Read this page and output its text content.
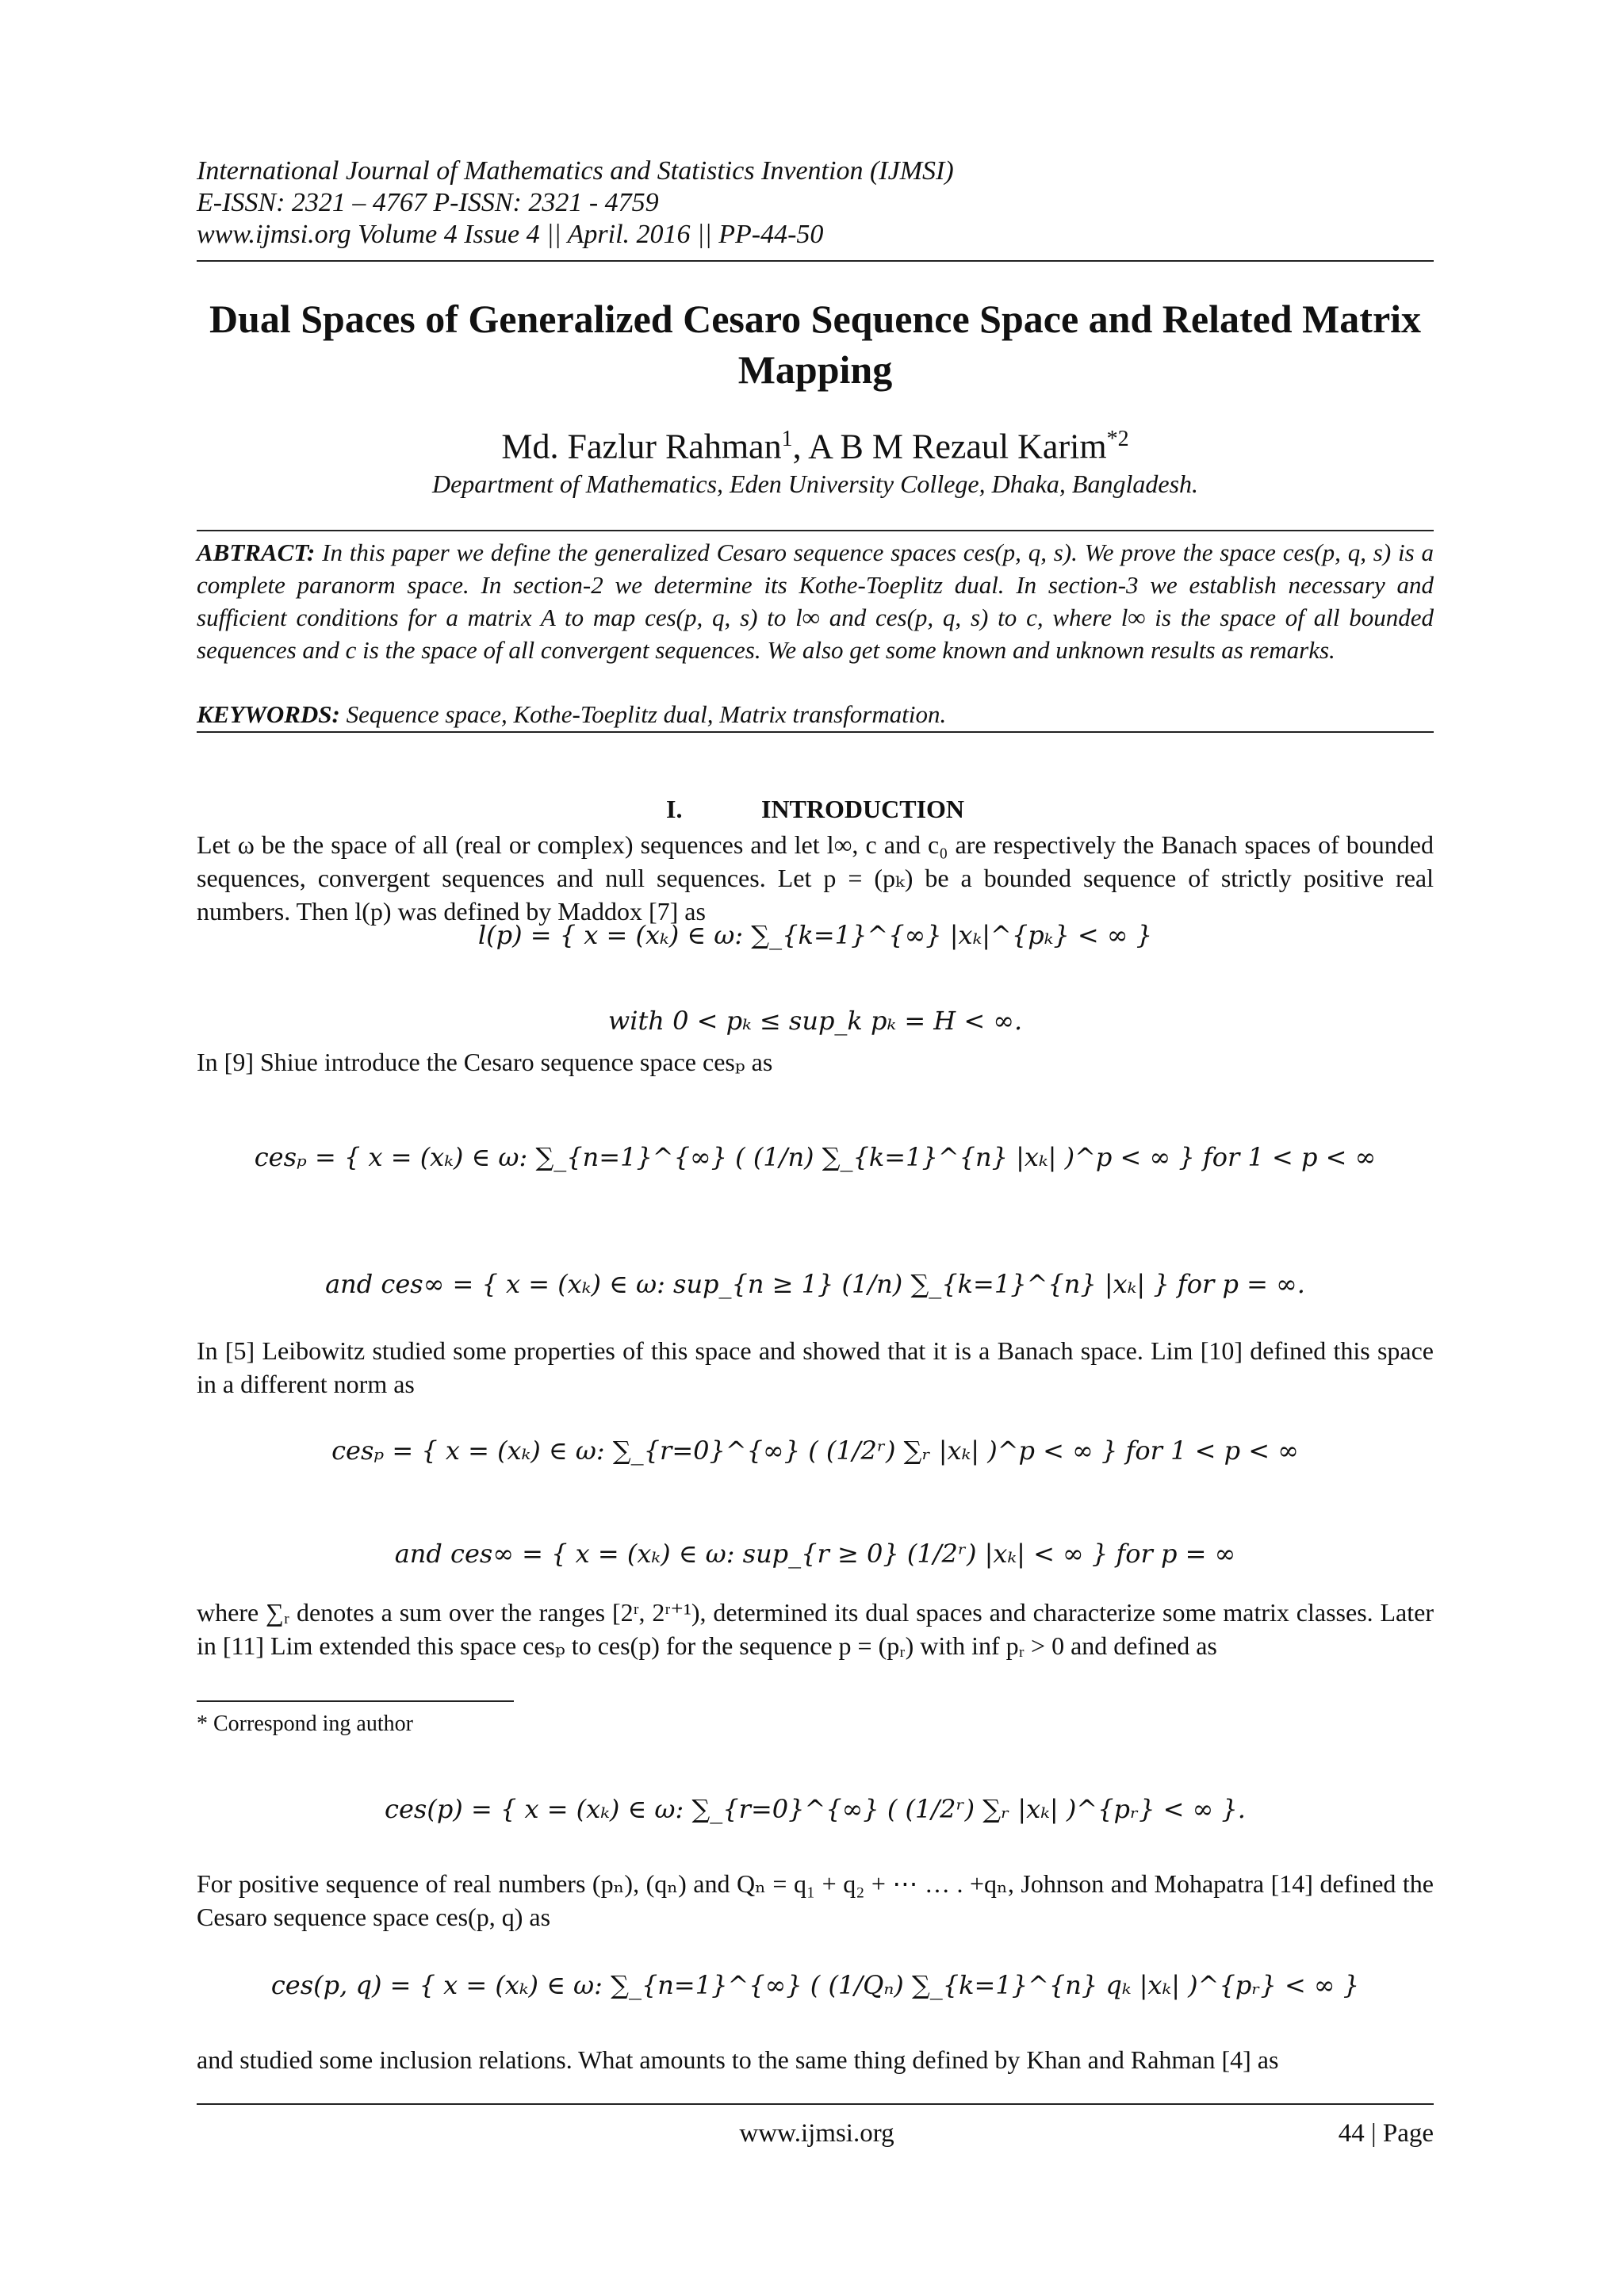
International Journal of Mathematics and Statistics Invention (IJMSI)
E-ISSN: 2321 – 4767 P-ISSN: 2321 - 4759
www.ijmsi.org Volume 4 Issue 4 || April. 2016 || PP-44-50
Dual Spaces of Generalized Cesaro Sequence Space and Related Matrix Mapping
Md. Fazlur Rahman$^1$, A B M Rezaul Karim$^{*2}$
Department of Mathematics, Eden University College, Dhaka, Bangladesh.
ABTRACT: In this paper we define the generalized Cesaro sequence spaces ces(p, q, s). We prove the space ces(p, q, s) is a complete paranorm space. In section-2 we determine its Kothe-Toeplitz dual. In section-3 we establish necessary and sufficient conditions for a matrix A to map ces(p, q, s) to l∞ and ces(p, q, s) to c, where l∞ is the space of all bounded sequences and c is the space of all convergent sequences. We also get some known and unknown results as remarks.
KEYWORDS: Sequence space, Kothe-Toeplitz dual, Matrix transformation.
I.	INTRODUCTION
Let ω be the space of all (real or complex) sequences and let l∞, c and c₀ are respectively the Banach spaces of bounded sequences, convergent sequences and null sequences. Let p = (pₖ) be a bounded sequence of strictly positive real numbers. Then l(p) was defined by Maddox [7] as
l(p) = { x = (xₖ) ∈ ω: ∑_{k=1}^{∞} |xₖ|^{pₖ} < ∞ }
with 0 < pₖ ≤ sup_k pₖ = H < ∞.
In [9] Shiue introduce the Cesaro sequence space cesₚ as
cesₚ = { x = (xₖ) ∈ ω: ∑_{n=1}^{∞} ( (1/n) ∑_{k=1}^{n} |xₖ| )^p < ∞ } for 1 < p < ∞
and ces∞ = { x = (xₖ) ∈ ω: sup_{n ≥ 1} (1/n) ∑_{k=1}^{n} |xₖ| } for p = ∞.
In [5] Leibowitz studied some properties of this space and showed that it is a Banach space. Lim [10] defined this space in a different norm as
cesₚ = { x = (xₖ) ∈ ω: ∑_{r=0}^{∞} ( (1/2ʳ) ∑ᵣ |xₖ| )^p < ∞ } for 1 < p < ∞
and ces∞ = { x = (xₖ) ∈ ω: sup_{r ≥ 0} (1/2ʳ) |xₖ| < ∞ } for p = ∞
where ∑ᵣ denotes a sum over the ranges [2ʳ, 2ʳ⁺¹), determined its dual spaces and characterize some matrix classes. Later in [11] Lim extended this space cesₚ to ces(p) for the sequence p = (pᵣ) with inf pᵣ > 0 and defined as
* Correspond ing author
ces(p) = { x = (xₖ) ∈ ω: ∑_{r=0}^{∞} ( (1/2ʳ) ∑ᵣ |xₖ| )^{pᵣ} < ∞ }.
For positive sequence of real numbers (pₙ), (qₙ) and Qₙ = q₁ + q₂ + ⋯ … . +qₙ, Johnson and Mohapatra [14] defined the Cesaro sequence space ces(p, q) as
ces(p, q) = { x = (xₖ) ∈ ω: ∑_{n=1}^{∞} ( (1/Qₙ) ∑_{k=1}^{n} qₖ |xₖ| )^{pᵣ} < ∞ }
and studied some inclusion relations. What amounts to the same thing defined by Khan and Rahman [4] as
www.ijmsi.org	44 | Page
